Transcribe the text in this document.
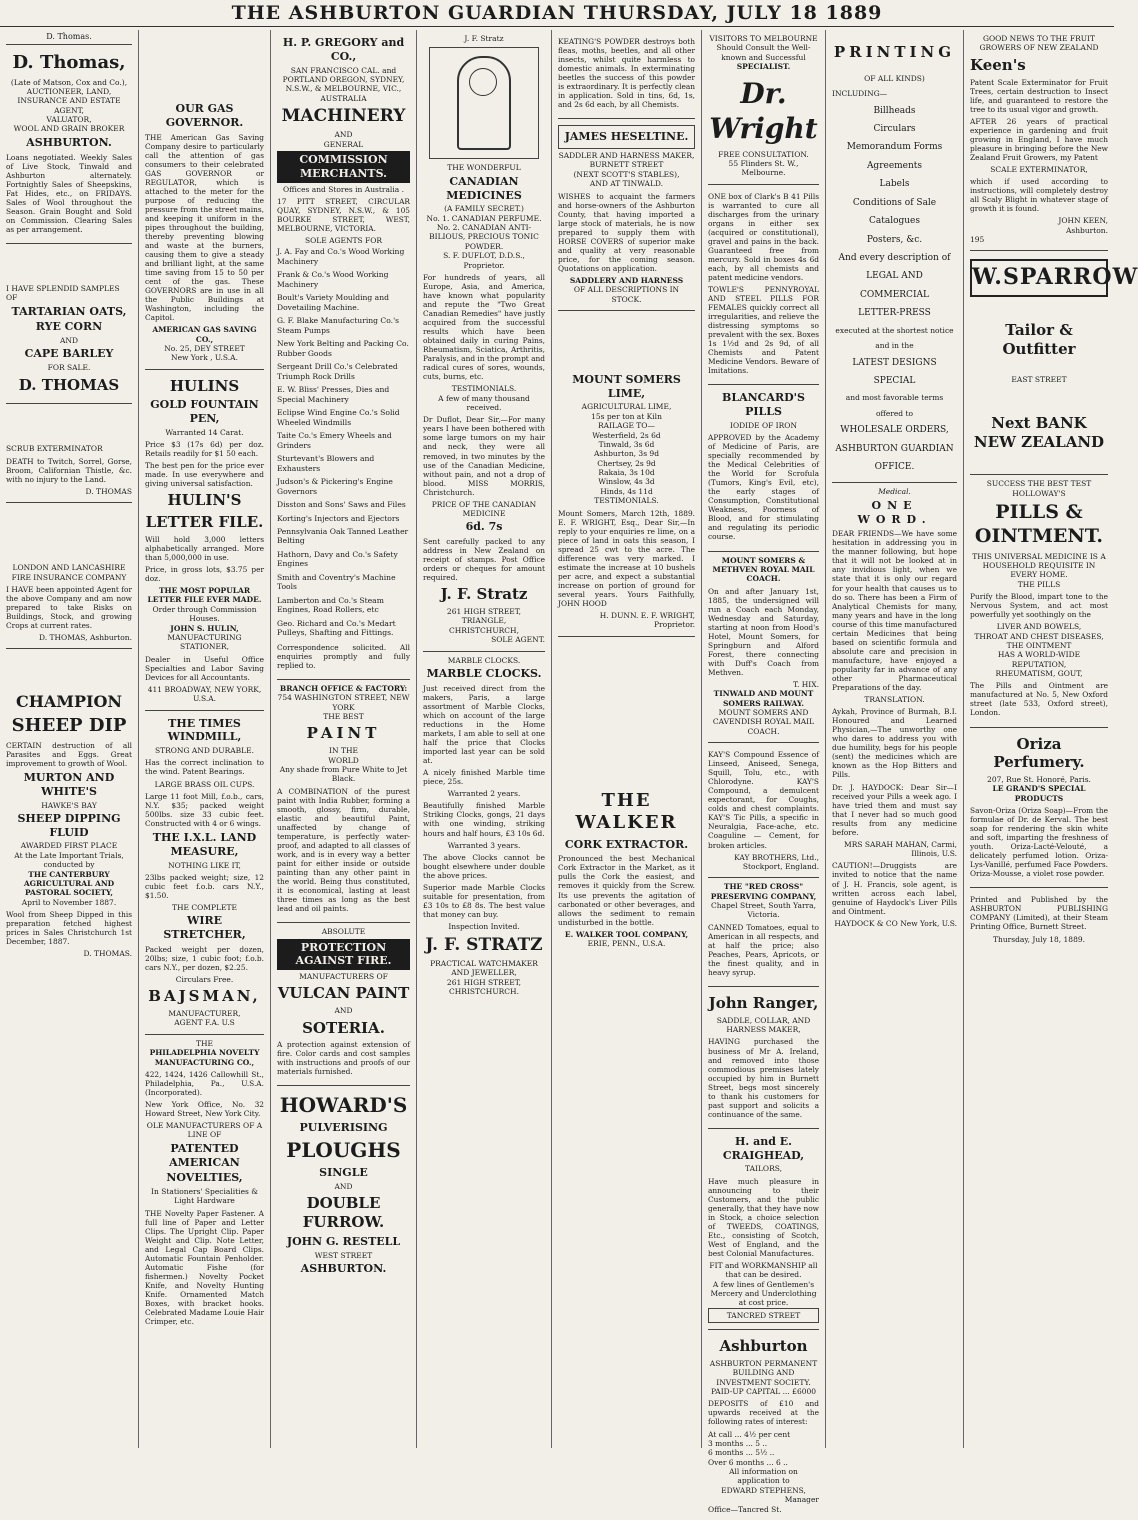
THE ASHBURTON GUARDIAN THURSDAY, JULY 18 1889
D. Thomas.
D. Thomas,
(Late of Matson, Cox and Co.),
AUCTIONEER, LAND, INSURANCE AND ESTATE AGENT,
VALUATOR,
WOOL AND GRAIN BROKER
ASHBURTON.
Loans negotiated. Weekly Sales of Live Stock, Tinwald and Ashburton alternately. Fortnightly Sales of Sheepskins, Fat Hides, etc., on FRIDAYS. Sales of Wool throughout the Season. Grain Bought and Sold on Commission. Clearing Sales as per arrangement.
I HAVE SPLENDID SAMPLES OF
TARTARIAN OATS,
RYE CORN
AND
CAPE BARLEY
FOR SALE.
D. THOMAS
SCRUB EXTERMINATOR
DEATH to Twitch, Sorrel, Gorse, Broom, Californian Thistle, &c. with no injury to the Land.
D. THOMAS
LONDON AND LANCASHIRE FIRE INSURANCE COMPANY
I HAVE been appointed Agent for the above Company and am now prepared to take Risks on Buildings, Stock, and growing Crops at current rates.
D. THOMAS, Ashburton.
CHAMPION
SHEEP DIP
CERTAIN destruction of all Parasites and Eggs. Great improvement to growth of Wool.
MURTON AND WHITE'S
HAWKE'S BAY
SHEEP DIPPING FLUID
AWARDED FIRST PLACE
At the Late Important Trials, conducted by
THE CANTERBURY AGRICULTURAL AND PASTORAL SOCIETY,
April to November 1887.
Wool from Sheep Dipped in this preparation fetched highest prices in Sales Christchurch 1st December, 1887.
D. THOMAS.
OUR GAS GOVERNOR.
THE American Gas Saving Company desire to particularly call the attention of gas consumers to their celebrated GAS GOVERNOR or REGULATOR, which is attached to the meter for the purpose of reducing the pressure from the street mains, and keeping it uniform in the pipes throughout the building, thereby preventing blowing and waste at the burners, causing them to give a steady and brilliant light, at the same time saving from 15 to 50 per cent of the gas. These GOVERNORS are in use in all the Public Buildings at Washington, including the Capitol.
AMERICAN GAS SAVING CO.,
No. 25, DEY STREET
New York , U.S.A.
HULINS
GOLD FOUNTAIN PEN,
Warranted 14 Carat.
Price $3 (17s 6d) per doz. Retails readily for $1 50 each.
The best pen for the price ever made. In use everywhere and giving universal satisfaction.
HULIN'S
LETTER FILE.
Will hold 3,000 letters alphabetically arranged. More than 5,000,000 in use.
Price, in gross lots, $3.75 per doz.
THE MOST POPULAR LETTER FILE EVER MADE.
Order through Commission Houses.
JOHN S. HULIN,
MANUFACTURING STATIONER,
Dealer in Useful Office Specialties and Labor Saving Devices for all Accountants.
411 BROADWAY, NEW YORK, U.S.A.
THE TIMES WINDMILL,
STRONG AND DURABLE.
Has the correct inclination to the wind. Patent Bearings.
LARGE BRASS OIL CUPS.
Large 11 foot Mill, f.o.b., cars, N.Y. $35; packed weight 500lbs. size 33 cubic feet. Constructed with 4 or 6 wings.
THE I.X.L. LAND MEASURE,
NOTHING LIKE IT,
23lbs packed weight; size, 12 cubic feet f.o.b. cars N.Y., $1.50.
THE COMPLETE
WIRE STRETCHER,
Packed weight per dozen, 20lbs; size, 1 cubic foot; f.o.b. cars N.Y., per dozen, $2.25.
Circulars Free.
BAJSMAN,
MANUFACTURER,
AGENT F.A. U.S
THE
PHILADELPHIA NOVELTY
MANUFACTURING CO.,
422, 1424, 1426 Callowhill St., Philadelphia, Pa., U.S.A. (Incorporated).
New York Office, No. 32 Howard Street, New York City.
OLE MANUFACTURERS OF A LINE OF
PATENTED AMERICAN
NOVELTIES,
In Stationers' Specialities & Light Hardware
THE Novelty Paper Fastener. A full line of Paper and Letter Clips. The Upright Clip. Paper Weight and Clip. Note Letter, and Legal Cap Board Clips. Automatic Fountain Penholder. Automatic Fishe (for fishermen.) Novelty Pocket Knife, and Novelty Hunting Knife. Ornamented Match Boxes, with bracket hooks. Celebrated Madame Louie Hair Crimper, etc.
H. P. GREGORY and CO.,
SAN FRANCISCO CAL. and PORTLAND OREGON, SYDNEY, N.S.W., & MELBOURNE, VIC., AUSTRALIA
MACHINERY
AND
GENERAL
COMMISSION MERCHANTS.
Offices and Stores in Australia .
17 PITT STREET, CIRCULAR QUAY, SYDNEY, N.S.W., & 105 BOURKE STREET, WEST, MELBOURNE, VICTORIA.
SOLE AGENTS FOR
J. A. Fay and Co.'s Wood Working Machinery
Frank & Co.'s Wood Working Machinery
Boult's Variety Moulding and Dovetailing Machine.
G. F. Blake Manufacturing Co.'s Steam Pumps
New York Belting and Packing Co. Rubber Goods
Sergeant Drill Co.'s Celebrated Triumph Rock Drills
E. W. Bliss' Presses, Dies and Special Machinery
Eclipse Wind Engine Co.'s Solid Wheeled Windmills
Taite Co.'s Emery Wheels and Grinders
Sturtevant's Blowers and Exhausters
Judson's & Pickering's Engine Governors
Disston and Sons' Saws and Files
Korting's Injectors and Ejectors
Pennsylvania Oak Tanned Leather Belting
Hathorn, Davy and Co.'s Safety Engines
Smith and Coventry's Machine Tools
Lamberton and Co.'s Steam Engines, Road Rollers, etc
Geo. Richard and Co.'s Medart Pulleys, Shafting and Fittings.
Correspondence solicited. All enquiries promptly and fully replied to.
BRANCH OFFICE & FACTORY:
754 WASHINGTON STREET, NEW YORK
THE BEST
PAINT
IN THE
WORLD
Any shade from Pure White to Jet Black.
A COMBINATION of the purest paint with India Rubber, forming a smooth, glossy, firm, durable, elastic and beautiful Paint, unaffected by change of temperature, is perfectly water-proof, and adapted to all classes of work, and is in every way a better paint for either inside or outside painting than any other paint in the world. Being thus constituted, it is economical, lasting at least three times as long as the best lead and oil paints.
ABSOLUTE
PROTECTION AGAINST FIRE.
MANUFACTURERS OF
VULCAN PAINT
AND
SOTERIA.
A protection against extension of fire. Color cards and cost samples with instructions and proofs of our materials furnished.
HOWARD'S
PULVERISING
PLOUGHS
SINGLE
AND
DOUBLE FURROW.
JOHN G. RESTELL
WEST STREET
ASHBURTON.
J. F. Stratz
THE WONDERFUL
CANADIAN MEDICINES
(A FAMILY SECRET.)
No. 1. CANADIAN PERFUME.
No. 2. CANADIAN ANTI-BILIOUS, PRECIOUS TONIC POWDER.
S. F. DUFLOT, D.D.S.,
Proprietor.
For hundreds of years, all Europe, Asia, and America, have known what popularity and repute the "Two Great Canadian Remedies" have justly acquired from the successful results which have been obtained daily in curing Pains, Rheumatism, Sciatica, Arthritis, Paralysis, and in the prompt and radical cures of sores, wounds, cuts, burns, etc.
TESTIMONIALS.
A few of many thousand received.
Dr Duflot, Dear Sir,—For many years I have been bothered with some large tumors on my hair and neck, they were all removed, in two minutes by the use of the Canadian Medicine, without pain, and not a drop of blood. MISS MORRIS, Christchurch.
PRICE OF THE CANADIAN MEDICINE
6d. 7s
Sent carefully packed to any address in New Zealand on receipt of stamps. Post Office orders or cheques for amount required.
J. F. Stratz
261 HIGH STREET,
TRIANGLE,
CHRISTCHURCH,
SOLE AGENT.
MARBLE CLOCKS.
MARBLE CLOCKS.
Just received direct from the makers, Paris, a large assortment of Marble Clocks, which on account of the large reductions in the Home markets, I am able to sell at one half the price that Clocks imported last year can be sold at.
A nicely finished Marble time piece, 25s.
Warranted 2 years.
Beautifully finished Marble Striking Clocks, gongs, 21 days with one winding, striking hours and half hours, £3 10s 6d.
Warranted 3 years.
The above Clocks cannot be bought elsewhere under double the above prices.
Superior made Marble Clocks suitable for presentation, from £3 10s to £8 8s. The best value that money can buy.
Inspection Invited.
J. F. STRATZ
PRACTICAL WATCHMAKER
AND JEWELLER,
261 HIGH STREET,
CHRISTCHURCH.
KEATING'S POWDER destroys both fleas, moths, beetles, and all other insects, whilst quite harmless to domestic animals. In exterminating beetles the success of this powder is extraordinary. It is perfectly clean in application. Sold in tins, 6d, 1s, and 2s 6d each, by all Chemists.
JAMES HESELTINE.
SADDLER AND HARNESS MAKER, BURNETT STREET
(NEXT SCOTT'S STABLES),
AND AT TINWALD.
WISHES to acquaint the farmers and horse-owners of the Ashburton County, that having imported a large stock of materials, he is now prepared to supply them with HORSE COVERS of superior make and quality at very reasonable price, for the coming season. Quotations on application.
SADDLERY AND HARNESS
OF ALL DESCRIPTIONS IN STOCK.
MOUNT SOMERS LIME,
AGRICULTURAL LIME,
15s per ton at Kiln
RAILAGE TO—
Westerfield, 2s 6d
Tinwald, 3s 6d
Ashburton, 3s 9d
Chertsey, 2s 9d
Rakaia, 3s 10d
Winslow, 4s 3d
Hinds, 4s 11d
TESTIMONIALS.
Mount Somers, March 12th, 1889. E. F. WRIGHT, Esq., Dear Sir,—In reply to your enquiries re lime, on a piece of land in oats this season, I spread 25 cwt to the acre. The difference was very marked. I estimate the increase at 10 bushels per acre, and expect a substantial increase on portion of ground for several years. Yours Faithfully, JOHN HOOD
H. DUNN. E. F. WRIGHT, Proprietor.
THE WALKER
CORK EXTRACTOR.
Pronounced the best Mechanical Cork Extractor in the Market, as it pulls the Cork the easiest, and removes it quickly from the Screw. Its use prevents the agitation of carbonated or other beverages, and allows the sediment to remain undisturbed in the bottle.
E. WALKER TOOL COMPANY,
ERIE, PENN., U.S.A.
VISITORS TO MELBOURNE
Should Consult the Well-known and Successful
SPECIALIST.
Dr. Wright
FREE CONSULTATION.
55 Flinders St. W., Melbourne.
ONE box of Clark's B 41 Pills is warranted to cure all discharges from the urinary organs in either sex (acquired or constitutional), gravel and pains in the back. Guaranteed free from mercury. Sold in boxes 4s 6d each, by all chemists and patent medicine vendors.
TOWLE'S PENNYROYAL AND STEEL PILLS FOR FEMALES quickly correct all irregularities, and relieve the distressing symptoms so prevalent with the sex. Boxes 1s 1½d and 2s 9d, of all Chemists and Patent Medicine Vendors. Beware of Imitations.
BLANCARD'S PILLS
IODIDE OF IRON
APPROVED by the Academy of Medicine of Paris, are specially recommended by the Medical Celebrities of the World for Scrofula (Tumors, King's Evil, etc), the early stages of Consumption, Constitutional Weakness, Poorness of Blood, and for stimulating and regulating its periodic course.
MOUNT SOMERS & METHVEN ROYAL MAIL COACH.
On and after January 1st, 1885, the undersigned will run a Coach each Monday, Wednesday and Saturday, starting at noon from Hood's Hotel, Mount Somers, for Springburn and Alford Forest, there connecting with Duff's Coach from Methven.
T. HIX.
TINWALD AND MOUNT SOMERS RAILWAY.
MOUNT SOMERS AND CAVENDISH ROYAL MAIL COACH.
KAY'S Compound Essence of Linseed, Aniseed, Senega, Squill, Tolu, etc., with Chlorodyne. KAY'S Compound, a demulcent expectorant, for Coughs, colds and chest complaints. KAY'S Tic Pills, a specific in Neuralgia, Face-ache, etc. Coaguline — Cement, for broken articles.
KAY BROTHERS, Ltd., Stockport, England.
THE "RED CROSS" PRESERVING COMPANY,
Chapel Street, South Yarra, Victoria.
CANNED Tomatoes, equal to American in all respects, and at half the price; also Peaches, Pears, Apricots, or the finest quality, and in heavy syrup.
John Ranger,
SADDLE, COLLAR, AND HARNESS MAKER,
HAVING purchased the business of Mr A. Ireland, and removed into those commodious premises lately occupied by him in Burnett Street, begs most sincerely to thank his customers for past support and solicits a continuance of the same.
H. and E. CRAIGHEAD,
TAILORS,
Have much pleasure in announcing to their Customers, and the public generally, that they have now in Stock, a choice selection of TWEEDS, COATINGS, Etc., consisting of Scotch, West of England, and the best Colonial Manufactures.
FIT and WORKMANSHIP all that can be desired.
A few lines of Gentlemen's Mercery and Underclothing at cost price.
TANCRED STREET
Ashburton
ASHBURTON PERMANENT BUILDING AND INVESTMENT SOCIETY.
PAID-UP CAPITAL ... £6000
DEPOSITS of £10 and upwards received at the following rates of interest:
At call ... 4½ per cent
3 months ... 5 ..
6 months ... 5½ ..
Over 6 months ... 6 ..
All information on application to
EDWARD STEPHENS,
Manager
Office—Tancred St.
PRINTING
OF ALL KINDS)
INCLUDING—
Billheads
Circulars
Memorandum Forms
Agreements
Labels
Conditions of Sale
Catalogues
Posters, &c.
And every description of
LEGAL AND COMMERCIAL
LETTER-PRESS
executed at the shortest notice and in the
LATEST DESIGNS
SPECIAL
and most favorable terms offered to
WHOLESALE ORDERS,
ASHBURTON GUARDIAN
OFFICE.
Medical.
ONE WORD.
DEAR FRIENDS—We have some hesitation in addressing you in the manner following, but hope that it will not be looked at in any invidious light, when we state that it is only our regard for your health that causes us to do so. There has been a Firm of Analytical Chemists for many, many years and have in the long course of this time manufactured certain Medicines that being based on scientific formula and absolute care and precision in manufacture, have enjoyed a popularity far in advance of any other Pharmaceutical Preparations of the day.
TRANSLATION.
Aykah, Province of Burmah, B.I. Honoured and Learned Physician,—The unworthy one who dares to address you with due humility, begs for his people (sent) the medicines which are known as the Hop Bitters and Pills.
Dr. J. HAYDOCK: Dear Sir—I received your Pills a week ago. I have tried them and must say that I never had so much good results from any medicine before.
MRS SARAH MAHAN, Carmi, Illinois, U.S.
CAUTION!—Druggists are invited to notice that the name of J. H. Francis, sole agent, is written across each label, genuine of Haydock's Liver Pills and Ointment.
HAYDOCK & CO New York, U.S.
GOOD NEWS TO THE FRUIT GROWERS OF NEW ZEALAND
Keen's
Patent Scale Exterminator for Fruit Trees, certain destruction to Insect life, and guaranteed to restore the tree to its usual vigor and growth.
AFTER 26 years of practical experience in gardening and fruit growing in England, I have much pleasure in bringing before the New Zealand Fruit Growers, my Patent
SCALE EXTERMINATOR,
which if used according to instructions, will completely destroy all Scaly Blight in whatever stage of growth it is found.
JOHN KEEN,
Ashburton.
195
W.SPARROW
Tailor & Outfitter
EAST STREET
Next BANK NEW ZEALAND
SUCCESS THE BEST TEST
HOLLOWAY'S
PILLS & OINTMENT.
THIS UNIVERSAL MEDICINE IS A HOUSEHOLD REQUISITE IN EVERY HOME.
THE PILLS
Purify the Blood, impart tone to the Nervous System, and act most powerfully yet soothingly on the
LIVER AND BOWELS,
THROAT AND CHEST DISEASES,
THE OINTMENT
HAS A WORLD-WIDE REPUTATION,
RHEUMATISM, GOUT,
The Pills and Ointment are manufactured at No. 5, New Oxford street (late 533, Oxford street), London.
Oriza Perfumery.
207, Rue St. Honoré, Paris.
LE GRAND'S SPECIAL PRODUCTS
Savon-Oriza (Oriza Soap)—From the formulae of Dr. de Kerval. The best soap for rendering the skin white and soft, imparting the freshness of youth. Oriza-Lacté-Velouté, a delicately perfumed lotion. Oriza-Lys-Vanillé, perfumed Face Powders. Oriza-Mousse, a violet rose powder.
Printed and Published by the ASHBURTON PUBLISHING COMPANY (Limited), at their Steam Printing Office, Burnett Street.
Thursday, July 18, 1889.
